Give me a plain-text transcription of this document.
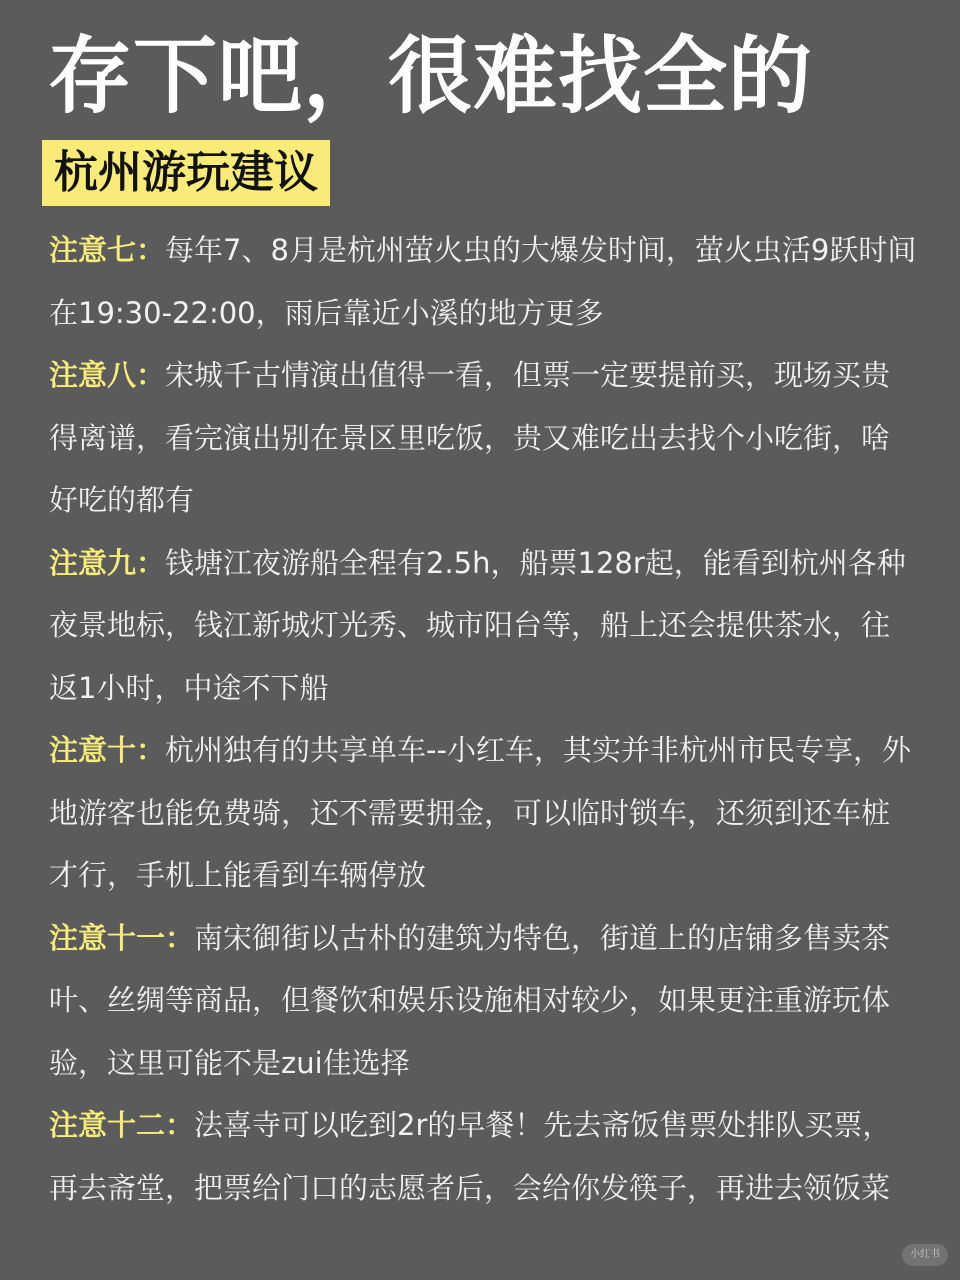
存下吧，很难找全的
杭州游玩建议

注意七：每年7、8月是杭州萤火虫的大爆发时间，萤火虫活9跃时间在19:30-22:00，雨后靠近小溪的地方更多

注意八：宋城千古情演出值得一看，但票一定要提前买，现场买贵得离谱，看完演出别在景区里吃饭，贵又难吃出去找个小吃街，啥好吃的都有

注意九：钱塘江夜游船全程有2.5h，船票128r起，能看到杭州各种夜景地标，钱江新城灯光秀、城市阳台等，船上还会提供茶水，往返1小时，中途不下船

注意十：杭州独有的共享单车--小红车，其实并非杭州市民专享，外地游客也能免费骑，还不需要拥金，可以临时锁车，还须到还车桩才行，手机上能看到车辆停放

注意十一：南宋御街以古朴的建筑为特色，街道上的店铺多售卖茶叶、丝绸等商品，但餐饮和娱乐设施相对较少，如果更注重游玩体验，这里可能不是zui佳选择

注意十二：法喜寺可以吃到2r的早餐！先去斋饭售票处排队买票，再去斋堂，把票给门口的志愿者后，会给你发筷子，再进去领饭菜

小红书
